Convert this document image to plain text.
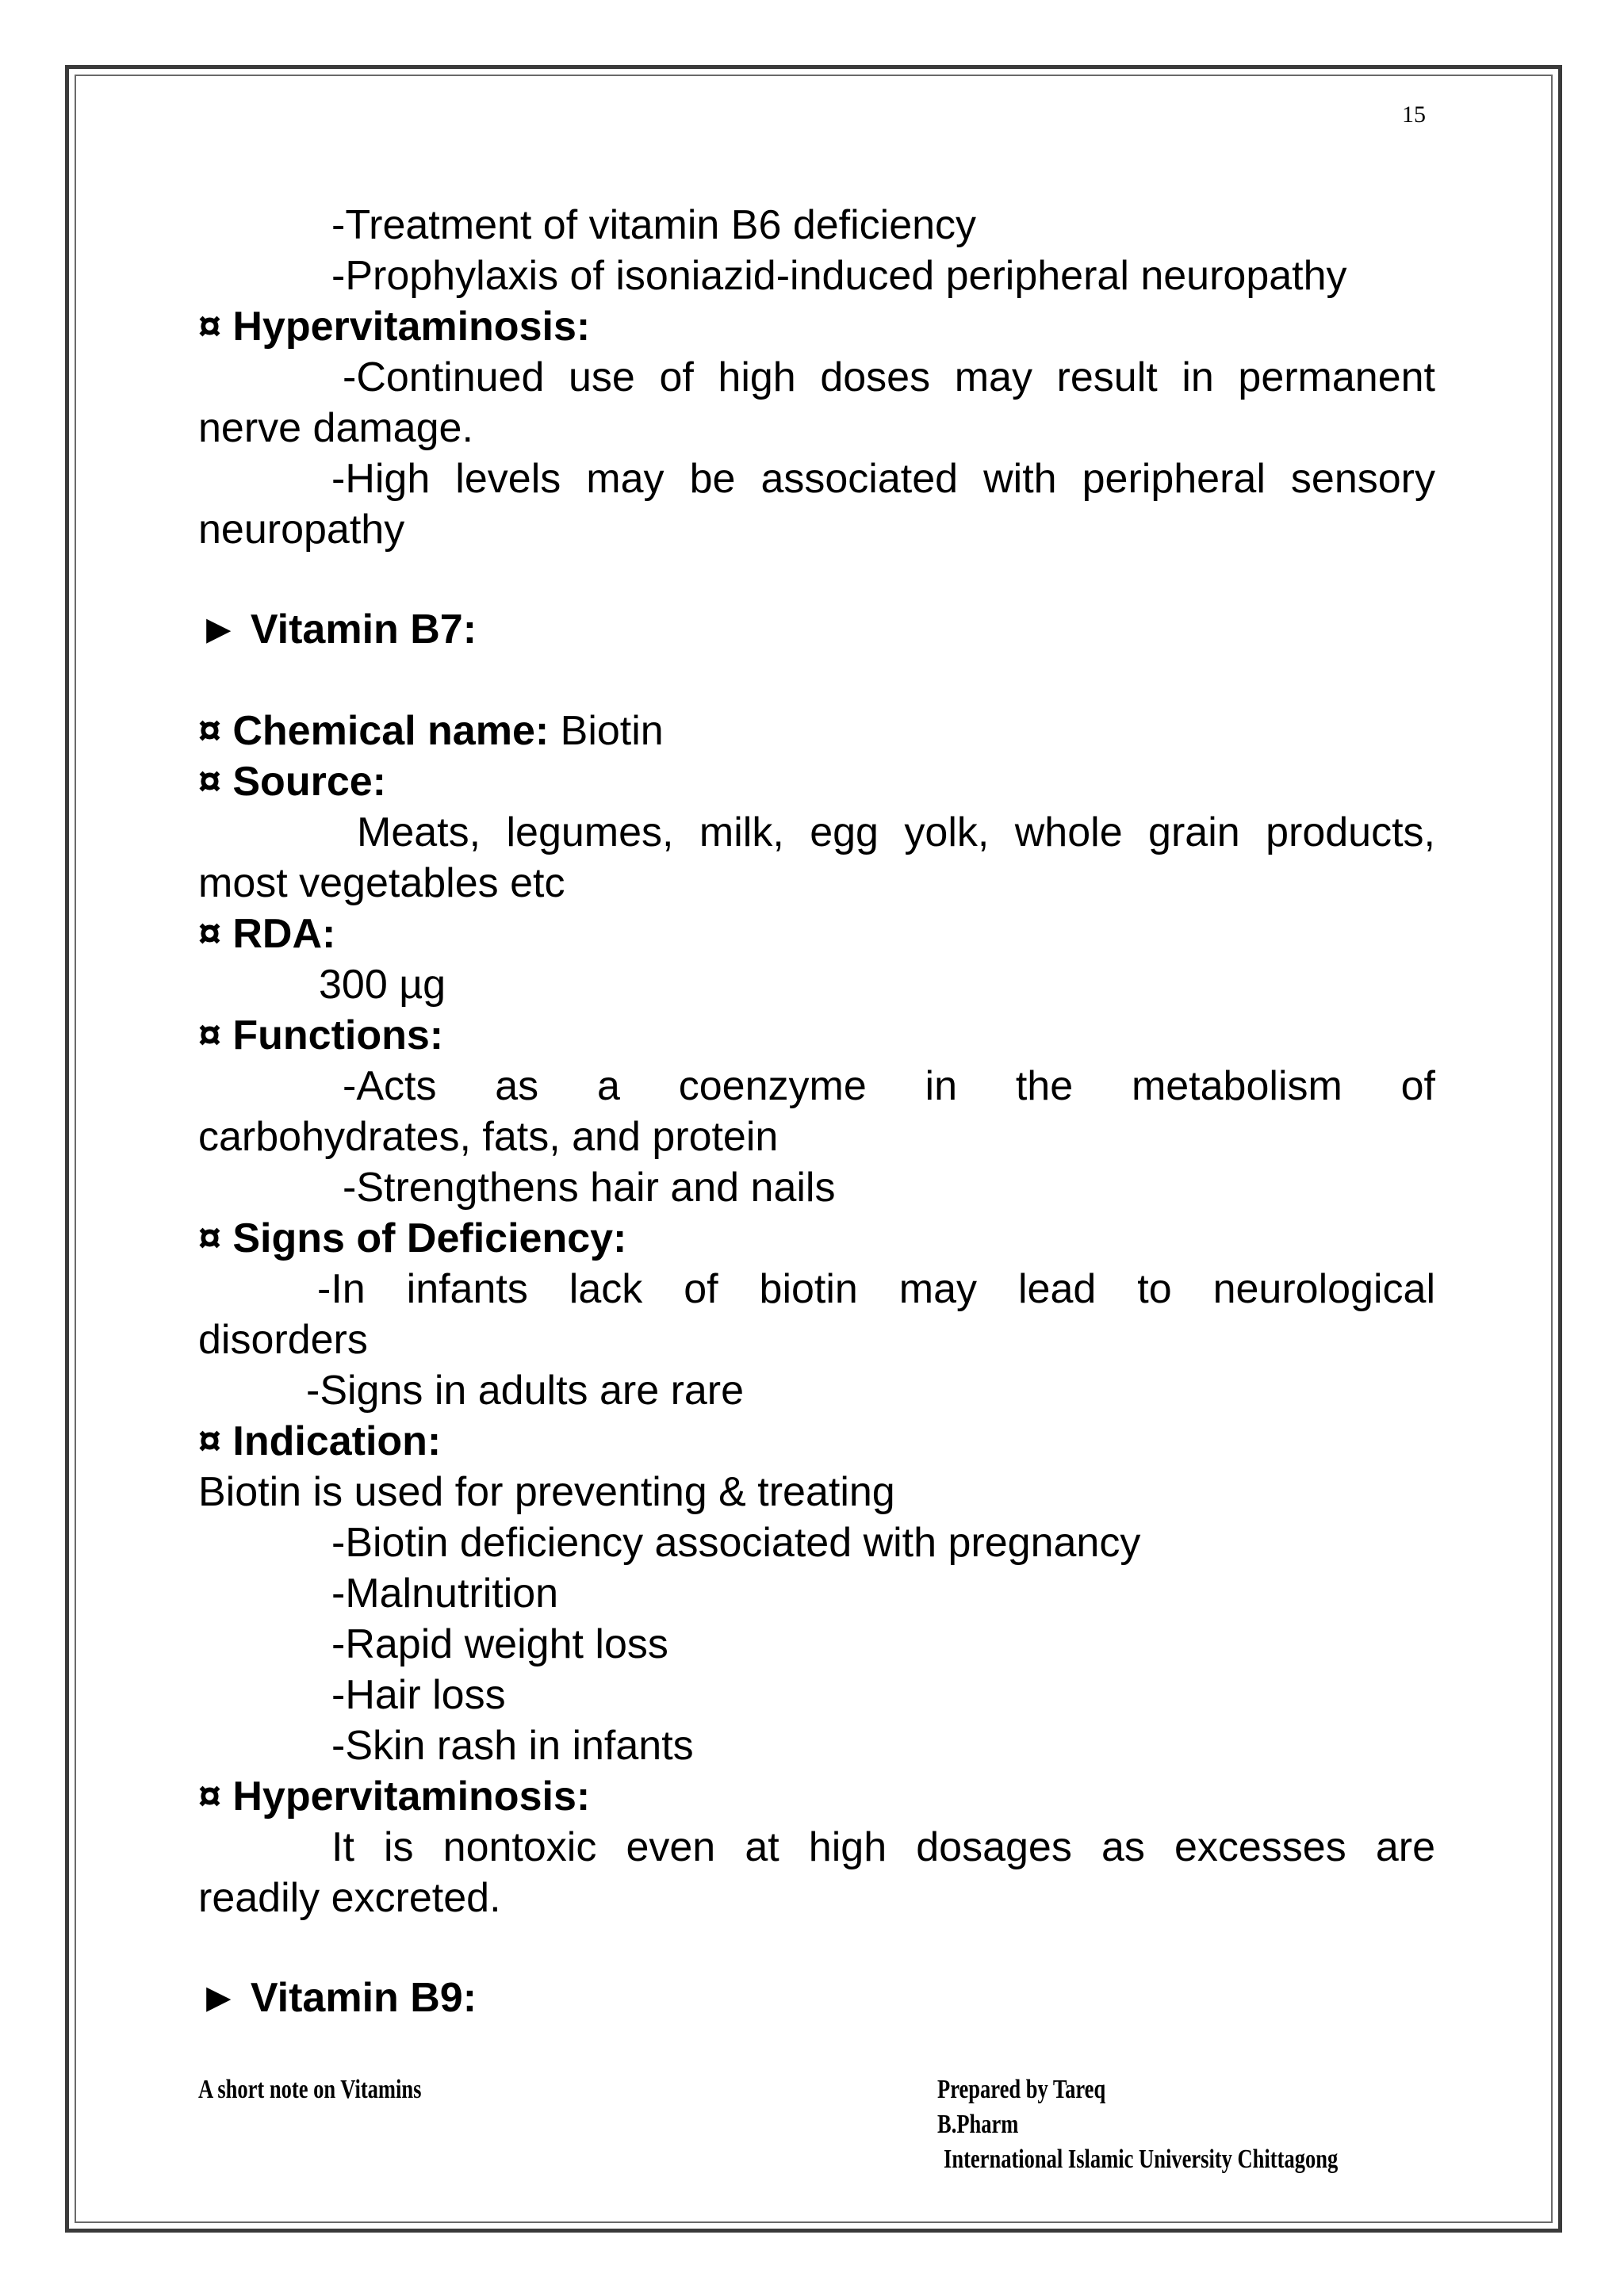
15
-Treatment of vitamin B6 deficiency
-Prophylaxis of isoniazid-induced peripheral neuropathy
¤ Hypervitaminosis:
-Continued use of high doses may result in permanent
nerve damage.
-High levels may be associated with peripheral sensory
neuropathy
► Vitamin B7:
¤ Chemical name: Biotin
¤ Source:
Meats, legumes, milk, egg yolk, whole grain products,
most vegetables etc
¤ RDA:
300 µg
¤ Functions:
-Acts as a coenzyme in the metabolism of
carbohydrates, fats, and protein
-Strengthens hair and nails
¤ Signs of Deficiency:
-In infants lack of biotin may lead to neurological
disorders
-Signs in adults are rare
¤ Indication:
Biotin is used for preventing & treating
-Biotin deficiency associated with pregnancy
-Malnutrition
-Rapid weight loss
-Hair loss
-Skin rash in infants
¤ Hypervitaminosis:
It is nontoxic even at high dosages as excesses are
readily excreted.
► Vitamin B9:
A short note on Vitamins	Prepared by Tareq
B.Pharm
International Islamic University Chittagong
